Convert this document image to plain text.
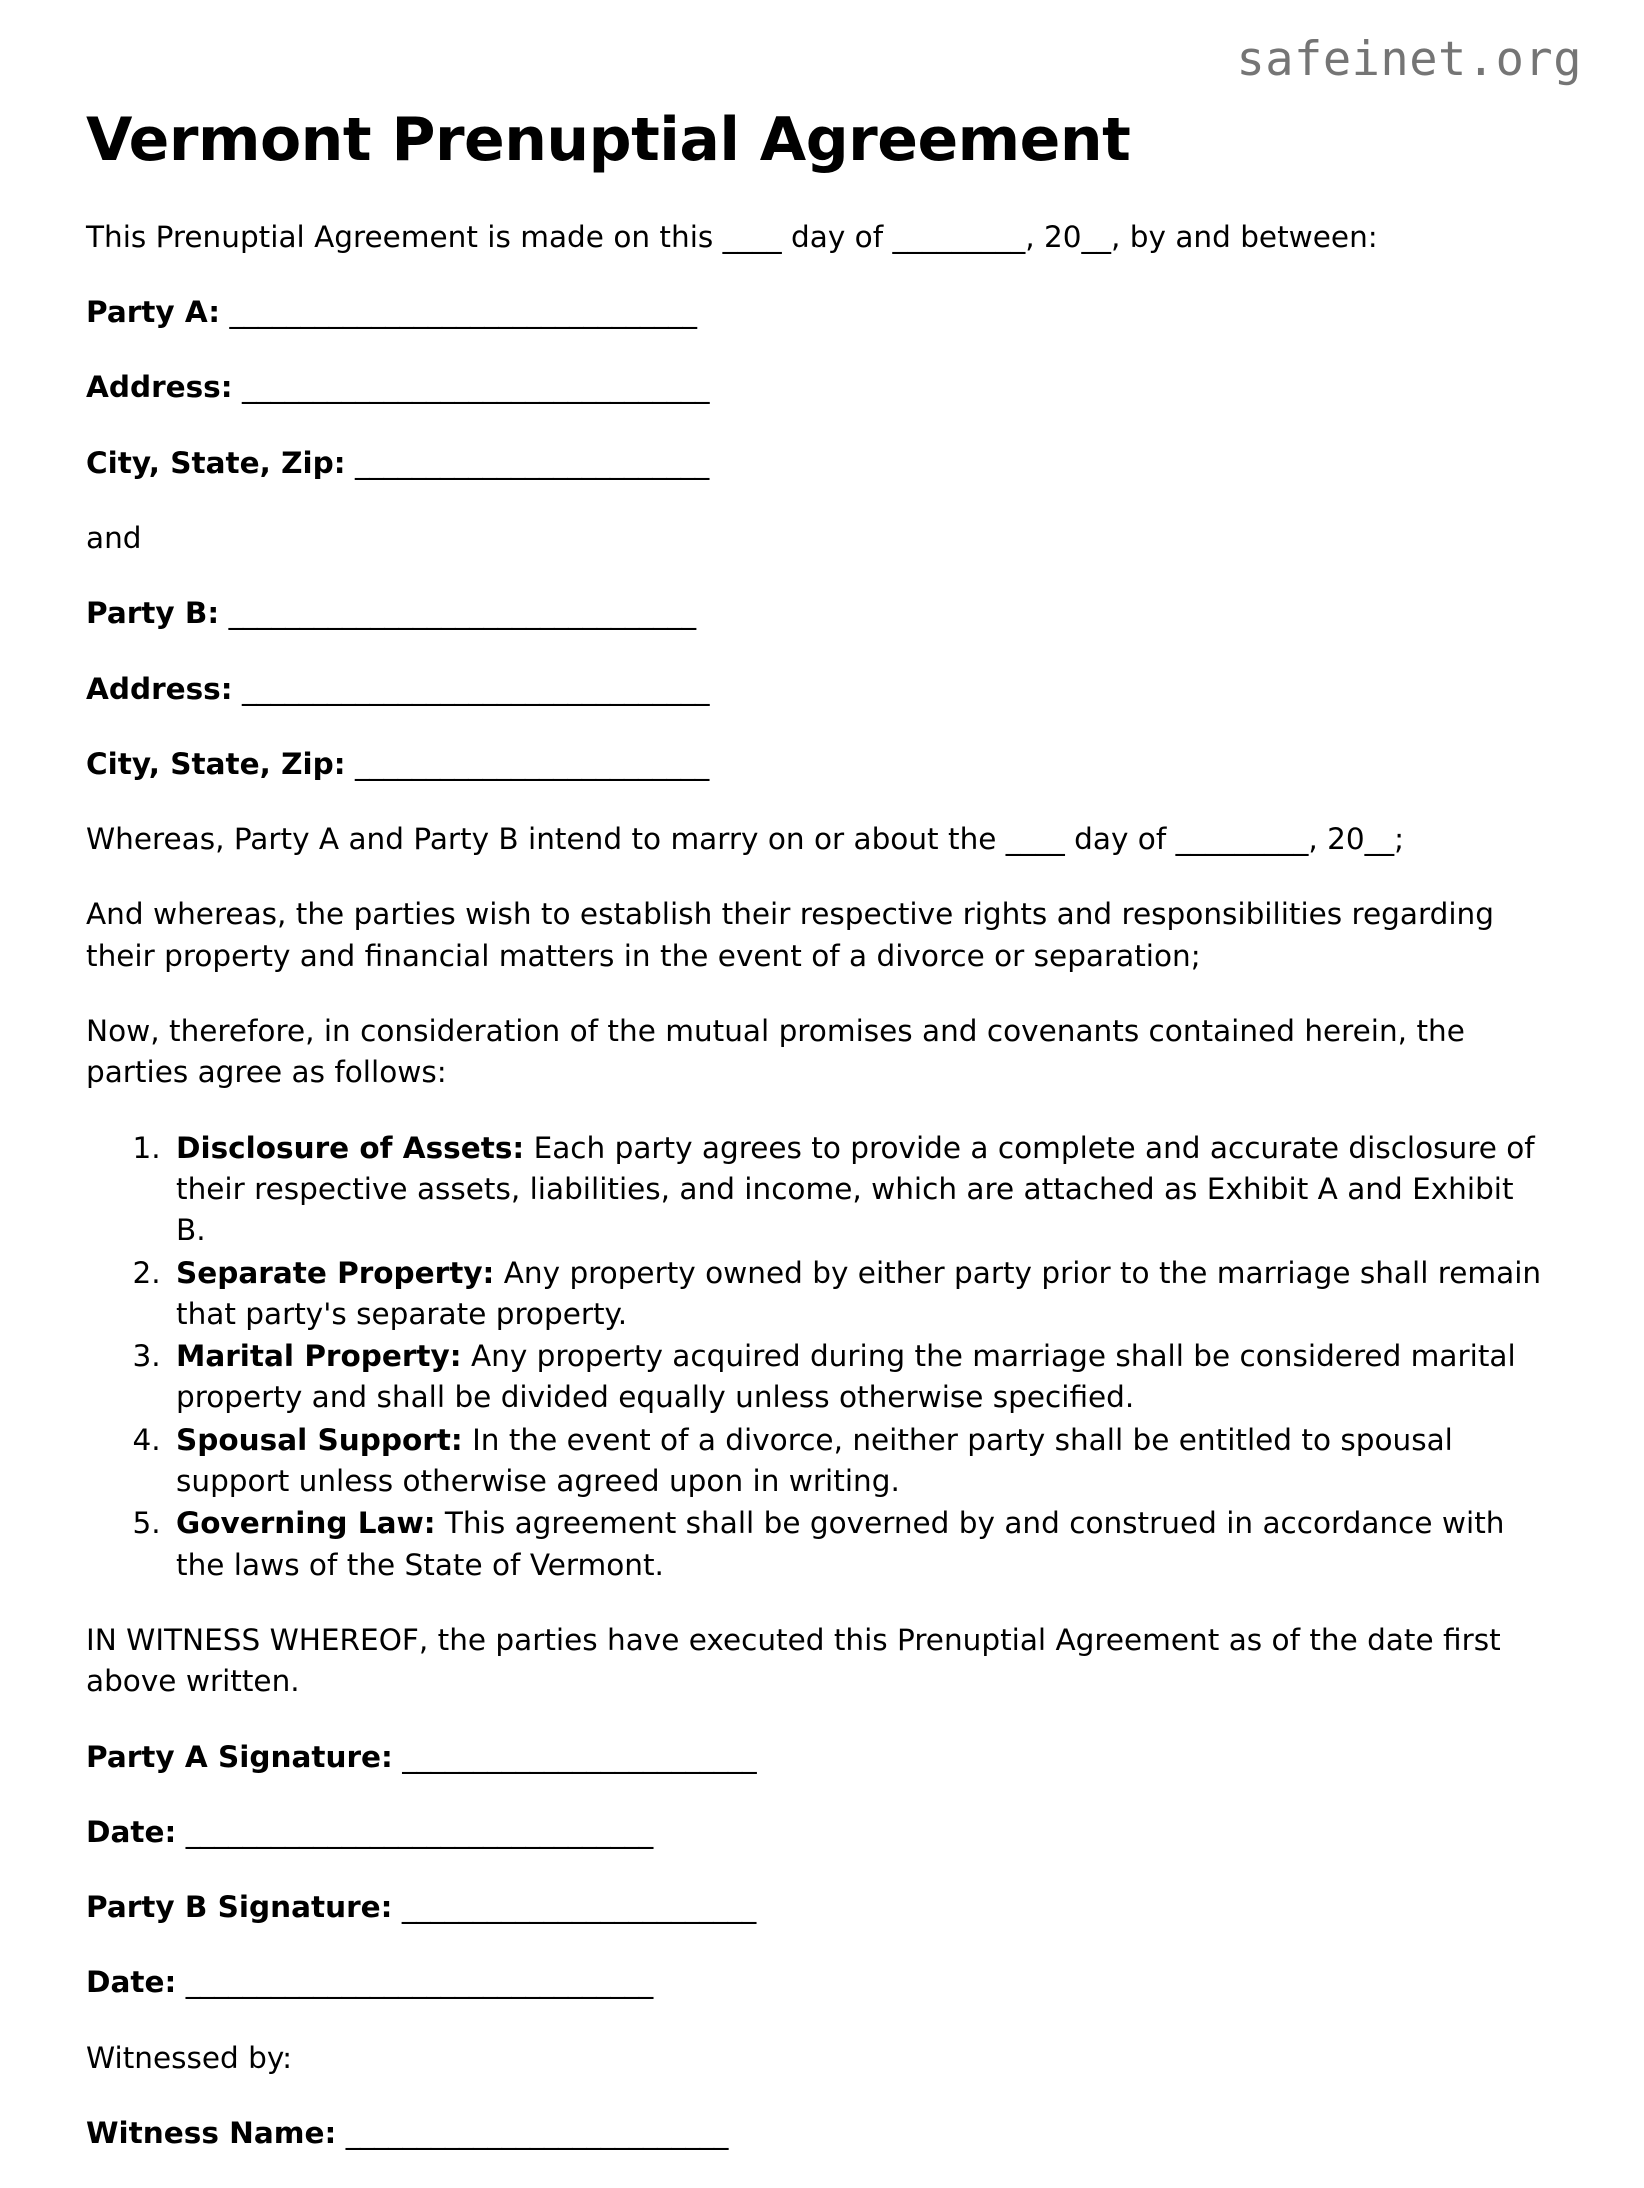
safeinet.org
Vermont Prenuptial Agreement

This Prenuptial Agreement is made on this ____ day of _________, 20__, by and between:

Party A: _________________________________

Address: _________________________________

City, State, Zip: _________________________

and

Party B: _________________________________

Address: _________________________________

City, State, Zip: _________________________

Whereas, Party A and Party B intend to marry on or about the ____ day of _________, 20__;

And whereas, the parties wish to establish their respective rights and responsibilities regarding their property and financial matters in the event of a divorce or separation;

Now, therefore, in consideration of the mutual promises and covenants contained herein, the parties agree as follows:

1. Disclosure of Assets: Each party agrees to provide a complete and accurate disclosure of their respective assets, liabilities, and income, which are attached as Exhibit A and Exhibit B.
2. Separate Property: Any property owned by either party prior to the marriage shall remain that party's separate property.
3. Marital Property: Any property acquired during the marriage shall be considered marital property and shall be divided equally unless otherwise specified.
4. Spousal Support: In the event of a divorce, neither party shall be entitled to spousal support unless otherwise agreed upon in writing.
5. Governing Law: This agreement shall be governed by and construed in accordance with the laws of the State of Vermont.

IN WITNESS WHEREOF, the parties have executed this Prenuptial Agreement as of the date first above written.

Party A Signature: _________________________

Date: _________________________________

Party B Signature: _________________________

Date: _________________________________

Witnessed by:

Witness Name: ___________________________
